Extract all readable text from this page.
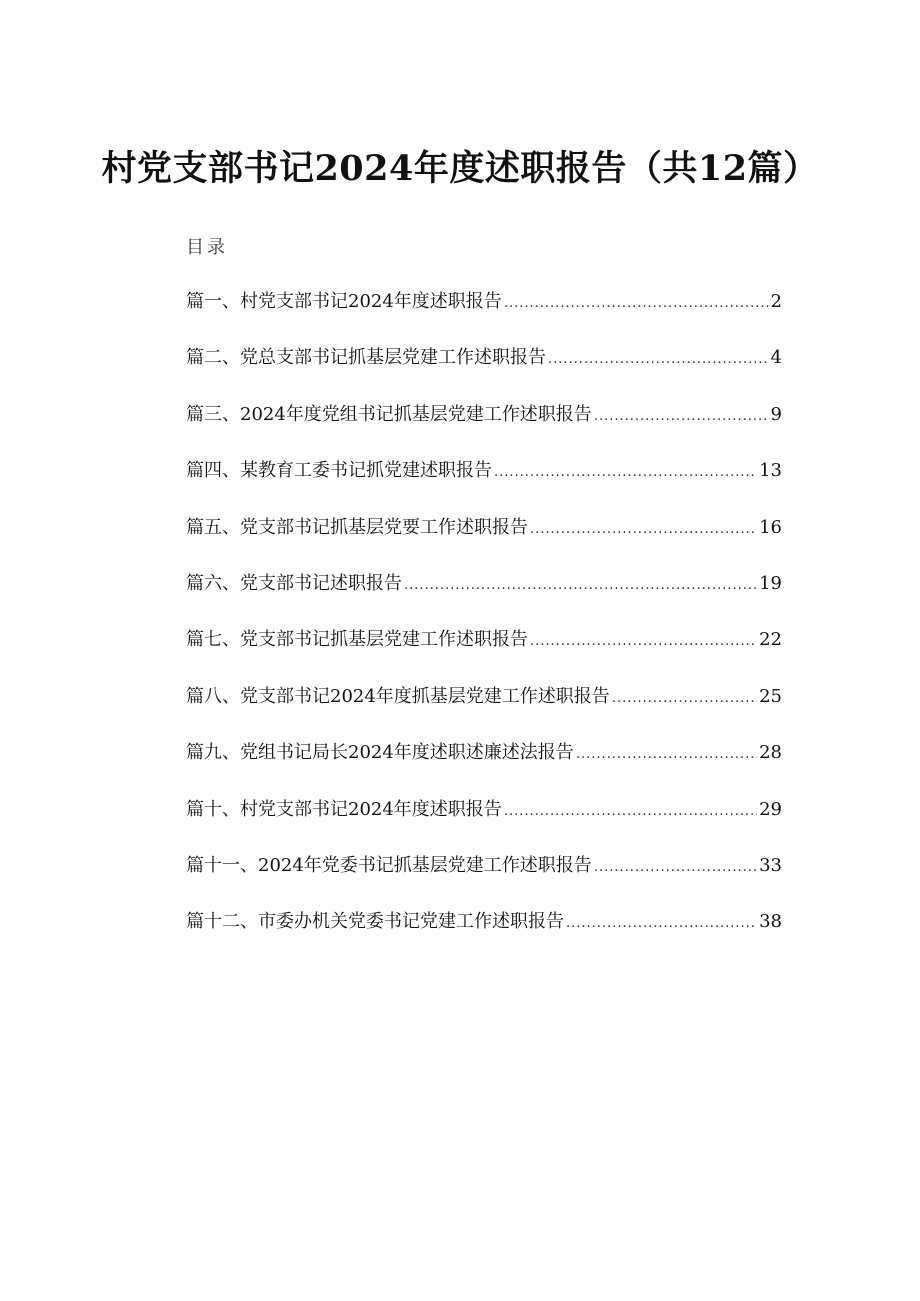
村党支部书记2024年度述职报告（共12篇）
目录
篇一、村党支部书记2024年度述职报告 .....	2
篇二、党总支部书记抓基层党建工作述职报告 .....	4
篇三、2024年度党组书记抓基层党建工作述职报告 .....	9
篇四、某教育工委书记抓党建述职报告 .....	13
篇五、党支部书记抓基层党要工作述职报告 .....	16
篇六、党支部书记述职报告 .....	19
篇七、党支部书记抓基层党建工作述职报告 .....	22
篇八、党支部书记2024年度抓基层党建工作述职报告 .....	25
篇九、党组书记局长2024年度述职述廉述法报告 .....	28
篇十、村党支部书记2024年度述职报告 .....	29
篇十一、2024年党委书记抓基层党建工作述职报告 .....	33
篇十二、市委办机关党委书记党建工作述职报告 .....	38
